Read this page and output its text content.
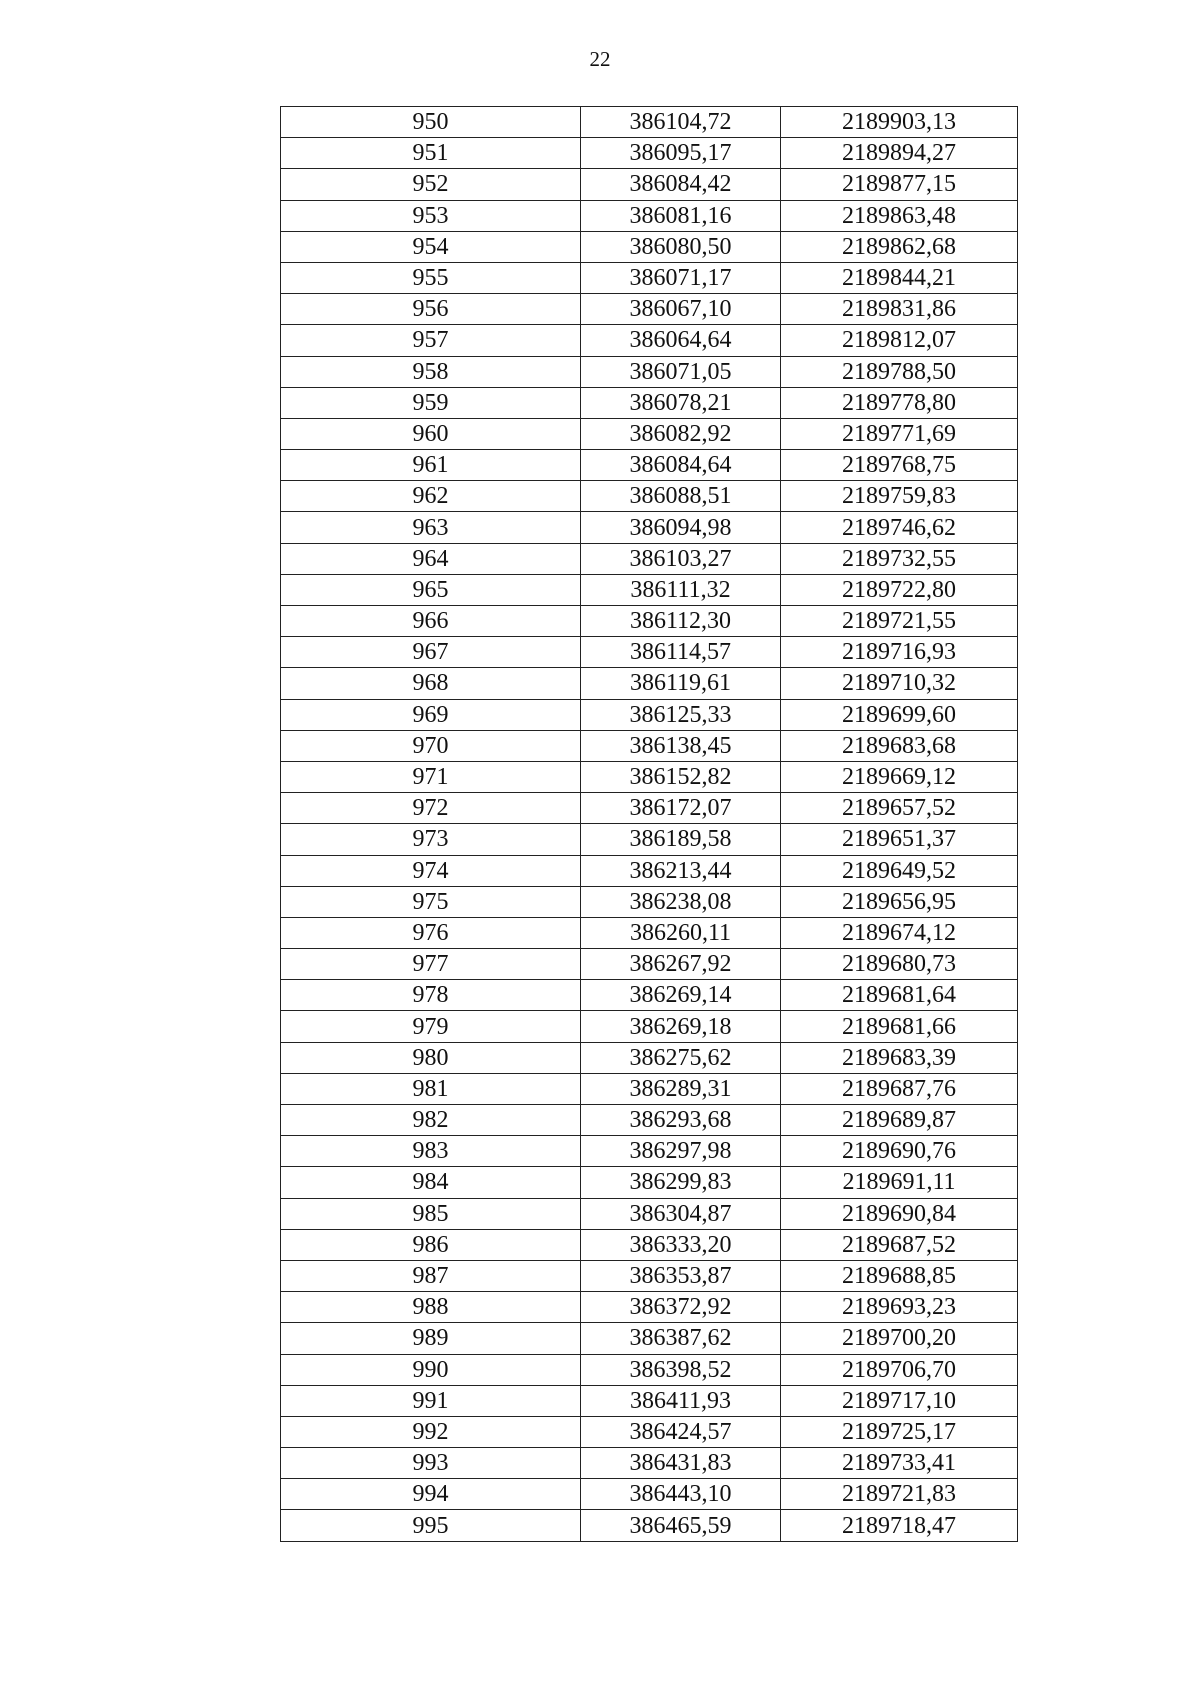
22
950	386104,72	2189903,13
951	386095,17	2189894,27
952	386084,42	2189877,15
953	386081,16	2189863,48
954	386080,50	2189862,68
955	386071,17	2189844,21
956	386067,10	2189831,86
957	386064,64	2189812,07
958	386071,05	2189788,50
959	386078,21	2189778,80
960	386082,92	2189771,69
961	386084,64	2189768,75
962	386088,51	2189759,83
963	386094,98	2189746,62
964	386103,27	2189732,55
965	386111,32	2189722,80
966	386112,30	2189721,55
967	386114,57	2189716,93
968	386119,61	2189710,32
969	386125,33	2189699,60
970	386138,45	2189683,68
971	386152,82	2189669,12
972	386172,07	2189657,52
973	386189,58	2189651,37
974	386213,44	2189649,52
975	386238,08	2189656,95
976	386260,11	2189674,12
977	386267,92	2189680,73
978	386269,14	2189681,64
979	386269,18	2189681,66
980	386275,62	2189683,39
981	386289,31	2189687,76
982	386293,68	2189689,87
983	386297,98	2189690,76
984	386299,83	2189691,11
985	386304,87	2189690,84
986	386333,20	2189687,52
987	386353,87	2189688,85
988	386372,92	2189693,23
989	386387,62	2189700,20
990	386398,52	2189706,70
991	386411,93	2189717,10
992	386424,57	2189725,17
993	386431,83	2189733,41
994	386443,10	2189721,83
995	386465,59	2189718,47
